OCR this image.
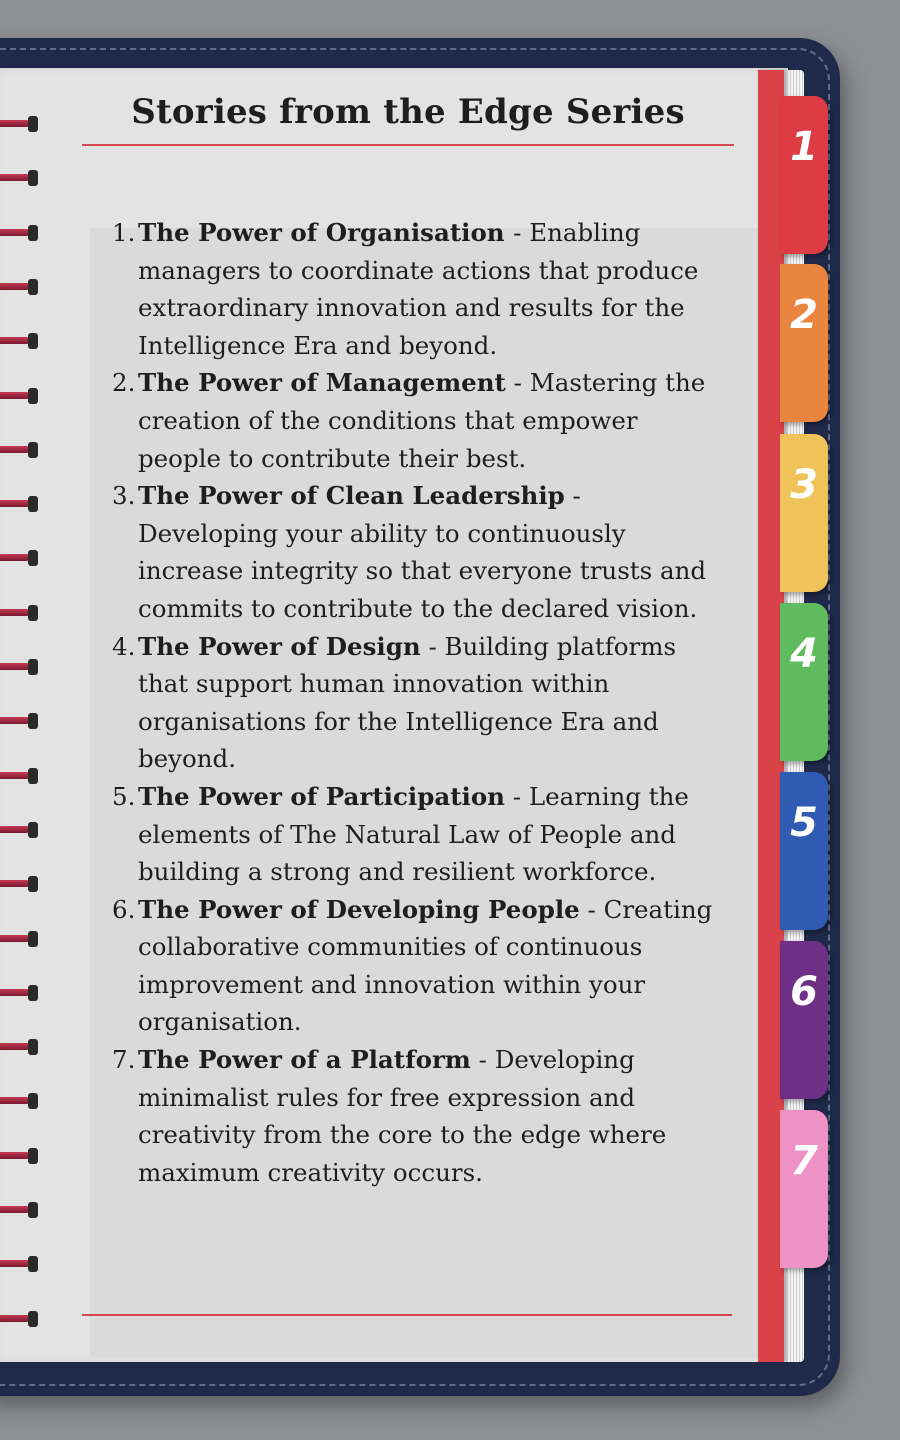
1
2
3
4
5
6
7
Stories from the Edge Series
1. The Power of Organisation - Enabling managers to coordinate actions that produce extraordinary innovation and results for the Intelligence Era and beyond.
2. The Power of Management - Mastering the creation of the conditions that empower people to contribute their best.
3. The Power of Clean Leadership - Developing your ability to continuously increase integrity so that everyone trusts and commits to contribute to the declared vision.
4. The Power of Design - Building platforms that support human innovation within organisations for the Intelligence Era and beyond.
5. The Power of Participation - Learning the elements of The Natural Law of People and building a strong and resilient workforce.
6. The Power of Developing People - Creating collaborative communities of continuous improvement and innovation within your organisation.
7. The Power of a Platform - Developing minimalist rules for free expression and creativity from the core to the edge where maximum creativity occurs.
